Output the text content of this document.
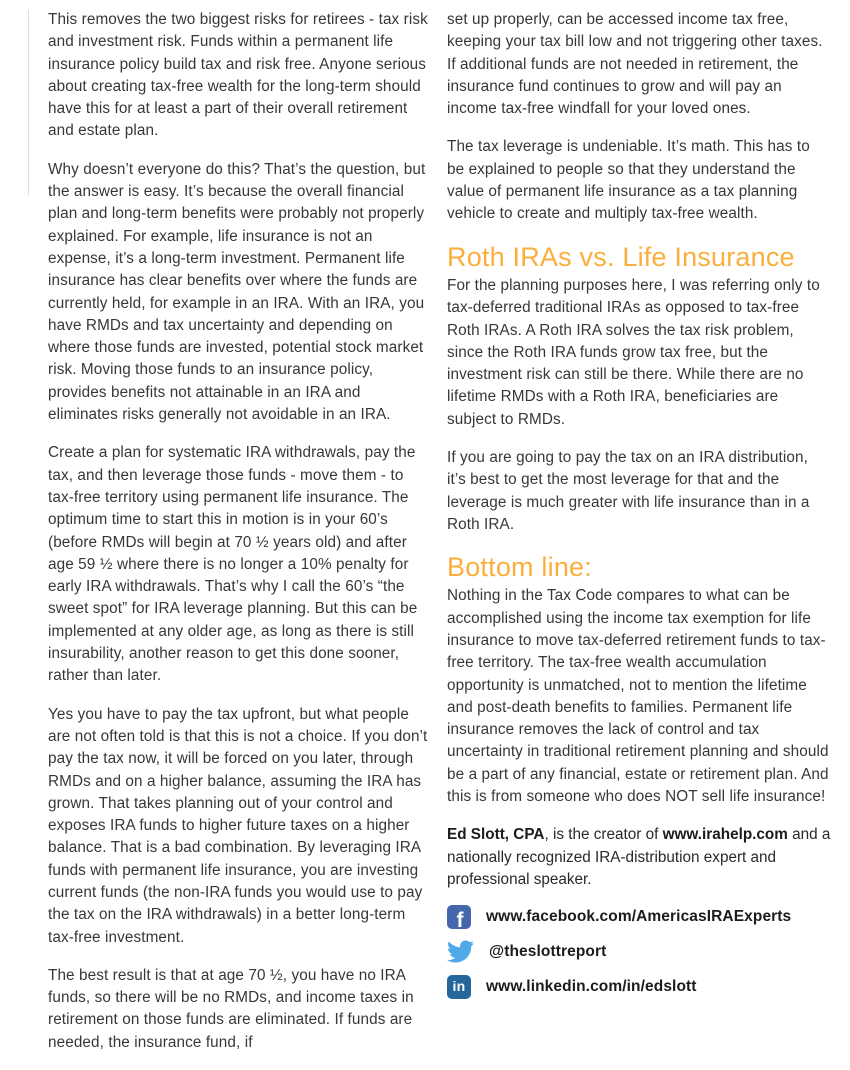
This removes the two biggest risks for retirees - tax risk and investment risk. Funds within a permanent life insurance policy build tax and risk free. Anyone serious about creating tax-free wealth for the long-term should have this for at least a part of their overall retirement and estate plan.

Why doesn’t everyone do this? That’s the question, but the answer is easy. It’s because the overall financial plan and long-term benefits were probably not properly explained. For example, life insurance is not an expense, it’s a long-term investment. Permanent life insurance has clear benefits over where the funds are currently held, for example in an IRA. With an IRA, you have RMDs and tax uncertainty and depending on where those funds are invested, potential stock market risk. Moving those funds to an insurance policy, provides benefits not attainable in an IRA and eliminates risks generally not avoidable in an IRA.

Create a plan for systematic IRA withdrawals, pay the tax, and then leverage those funds - move them - to tax-free territory using permanent life insurance. The optimum time to start this in motion is in your 60’s (before RMDs will begin at 70 ½ years old) and after age 59 ½ where there is no longer a 10% penalty for early IRA withdrawals. That’s why I call the 60’s “the sweet spot” for IRA leverage planning. But this can be implemented at any older age, as long as there is still insurability, another reason to get this done sooner, rather than later.

Yes you have to pay the tax upfront, but what people are not often told is that this is not a choice. If you don’t pay the tax now, it will be forced on you later, through RMDs and on a higher balance, assuming the IRA has grown. That takes planning out of your control and exposes IRA funds to higher future taxes on a higher balance. That is a bad combination. By leveraging IRA funds with permanent life insurance, you are investing current funds (the non-IRA funds you would use to pay the tax on the IRA withdrawals) in a better long-term tax-free investment.

The best result is that at age 70 ½, you have no IRA funds, so there will be no RMDs, and income taxes in retirement on those funds are eliminated. If funds are needed, the insurance fund, if

set up properly, can be accessed income tax free, keeping your tax bill low and not triggering other taxes. If additional funds are not needed in retirement, the insurance fund continues to grow and will pay an income tax-free windfall for your loved ones.

The tax leverage is undeniable. It’s math. This has to be explained to people so that they understand the value of permanent life insurance as a tax planning vehicle to create and multiply tax-free wealth.

Roth IRAs vs. Life Insurance

For the planning purposes here, I was referring only to tax-deferred traditional IRAs as opposed to tax-free Roth IRAs. A Roth IRA solves the tax risk problem, since the Roth IRA funds grow tax free, but the investment risk can still be there. While there are no lifetime RMDs with a Roth IRA, beneficiaries are subject to RMDs.

If you are going to pay the tax on an IRA distribution, it’s best to get the most leverage for that and the leverage is much greater with life insurance than in a Roth IRA.

Bottom line:

Nothing in the Tax Code compares to what can be accomplished using the income tax exemption for life insurance to move tax-deferred retirement funds to tax-free territory. The tax-free wealth accumulation opportunity is unmatched, not to mention the lifetime and post-death benefits to families. Permanent life insurance removes the lack of control and tax uncertainty in traditional retirement planning and should be a part of any financial, estate or retirement plan. And this is from someone who does NOT sell life insurance!

Ed Slott, CPA, is the creator of www.irahelp.com and a nationally recognized IRA-distribution expert and professional speaker.

f www.facebook.com/AmericasIRAExperts
@theslottreport
in www.linkedin.com/in/edslott
